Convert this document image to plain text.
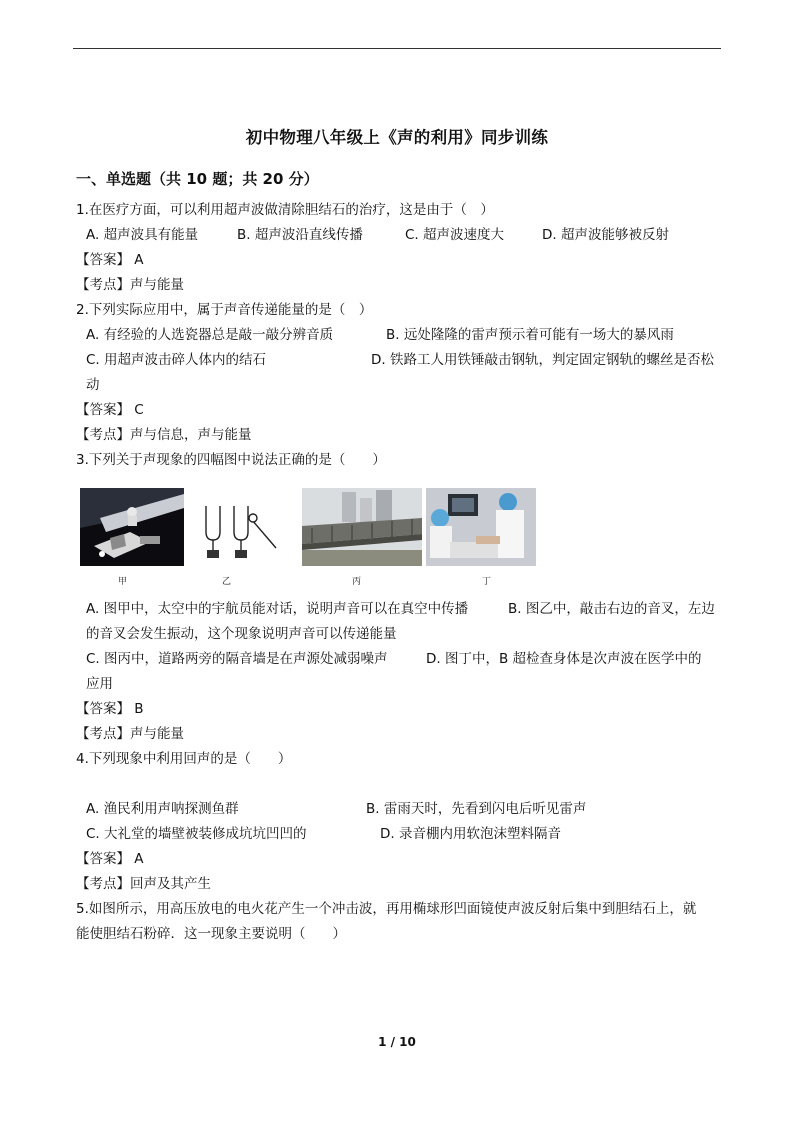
初中物理八年级上《声的利用》同步训练
一、单选题（共 10 题；共 20 分）
1.在医疗方面，可以利用超声波做清除胆结石的治疗，这是由于（　）
A. 超声波具有能量	B. 超声波沿直线传播	C. 超声波速度大	D. 超声波能够被反射
【答案】 A
【考点】声与能量
2.下列实际应用中，属于声音传递能量的是（　）
A. 有经验的人选瓷器总是敲一敲分辨音质	B. 远处隆隆的雷声预示着可能有一场大的暴风雨
C. 用超声波击碎人体内的结石	D. 铁路工人用铁锤敲击钢轨，判定固定钢轨的螺丝是否松
动
【答案】 C
【考点】声与信息，声与能量
3.下列关于声现象的四幅图中说法正确的是（　　）
甲	乙	丙	丁
A. 图甲中，太空中的宇航员能对话，说明声音可以在真空中传播	B. 图乙中，敲击右边的音叉，左边
的音叉会发生振动，这个现象说明声音可以传递能量
C. 图丙中，道路两旁的隔音墙是在声源处减弱噪声	D. 图丁中，B 超检查身体是次声波在医学中的
应用
【答案】 B
【考点】声与能量
4.下列现象中利用回声的是（　　）
A. 渔民利用声呐探测鱼群	B. 雷雨天时，先看到闪电后听见雷声
C. 大礼堂的墙壁被装修成坑坑凹凹的	D. 录音棚内用软泡沫塑料隔音
【答案】 A
【考点】回声及其产生
5.如图所示，用高压放电的电火花产生一个冲击波，再用椭球形凹面镜使声波反射后集中到胆结石上，就
能使胆结石粉碎．这一现象主要说明（　　）
1 / 10
